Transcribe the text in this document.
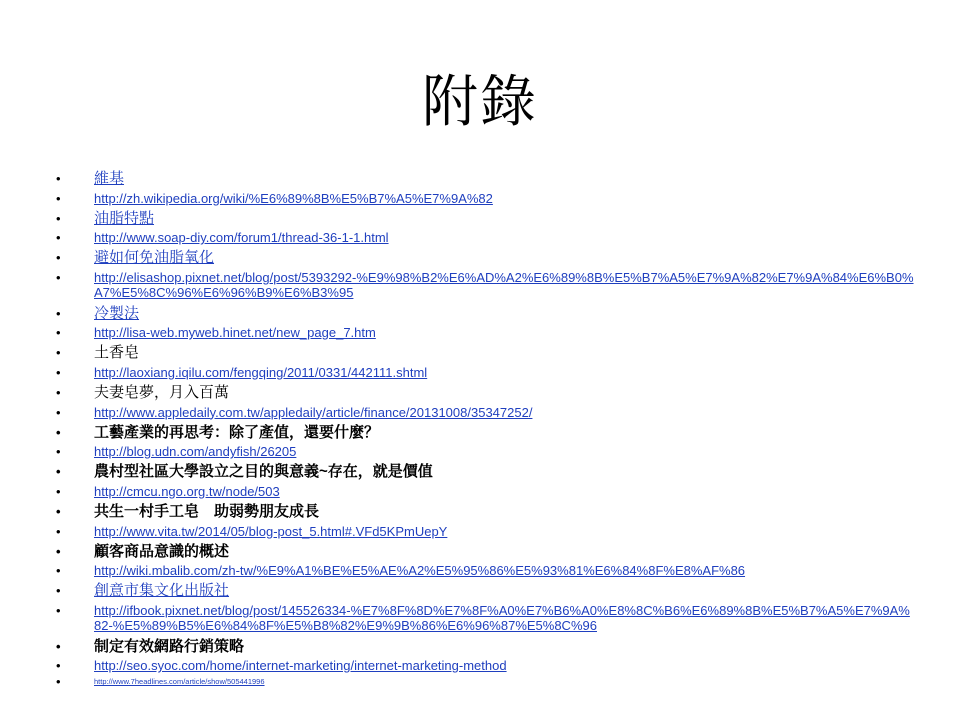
附錄
• 維基
•	http://zh.wikipedia.org/wiki/%E6%89%8B%E5%B7%A5%E7%9A%82
• 油脂特點
•	http://www.soap-diy.com/forum1/thread-36-1-1.html
• 避如何免油脂氧化
•	http://elisashop.pixnet.net/blog/post/5393292-%E9%98%B2%E6%AD%A2%E6%89%8B%E5%B7%A5%E7%9A%82%E7%9A%84%E6%B0%A7%E5%8C%96%E6%96%B9%E6%B3%95
• 冷製法
•	http://lisa-web.myweb.hinet.net/new_page_7.htm
• 土香皂
•	http://laoxiang.iqilu.com/fengqing/2011/0331/442111.shtml
• 夫妻皂夢，月入百萬
•	http://www.appledaily.com.tw/appledaily/article/finance/20131008/35347252/
• 工藝產業的再思考：除了產值，還要什麼？
•	http://blog.udn.com/andyfish/26205
• 農村型社區大學設立之目的與意義~存在，就是價值
•	http://cmcu.ngo.org.tw/node/503
• 共生一村手工皂　助弱勢朋友成長
•	http://www.vita.tw/2014/05/blog-post_5.html#.VFd5KPmUepY
• 顧客商品意識的概述
•	http://wiki.mbalib.com/zh-tw/%E9%A1%BE%E5%AE%A2%E5%95%86%E5%93%81%E6%84%8F%E8%AF%86
• 創意市集文化出版社
•	http://ifbook.pixnet.net/blog/post/145526334-%E7%8F%8D%E7%8F%A0%E7%B6%A0%E8%8C%B6%E6%89%8B%E5%B7%A5%E7%9A%82-%E5%89%B5%E6%84%8F%E5%B8%82%E9%9B%86%E6%96%87%E5%8C%96
• 制定有效網路行銷策略
•	http://seo.syoc.com/home/internet-marketing/internet-marketing-method
•	http://www.7headlines.com/article/show/505441996
